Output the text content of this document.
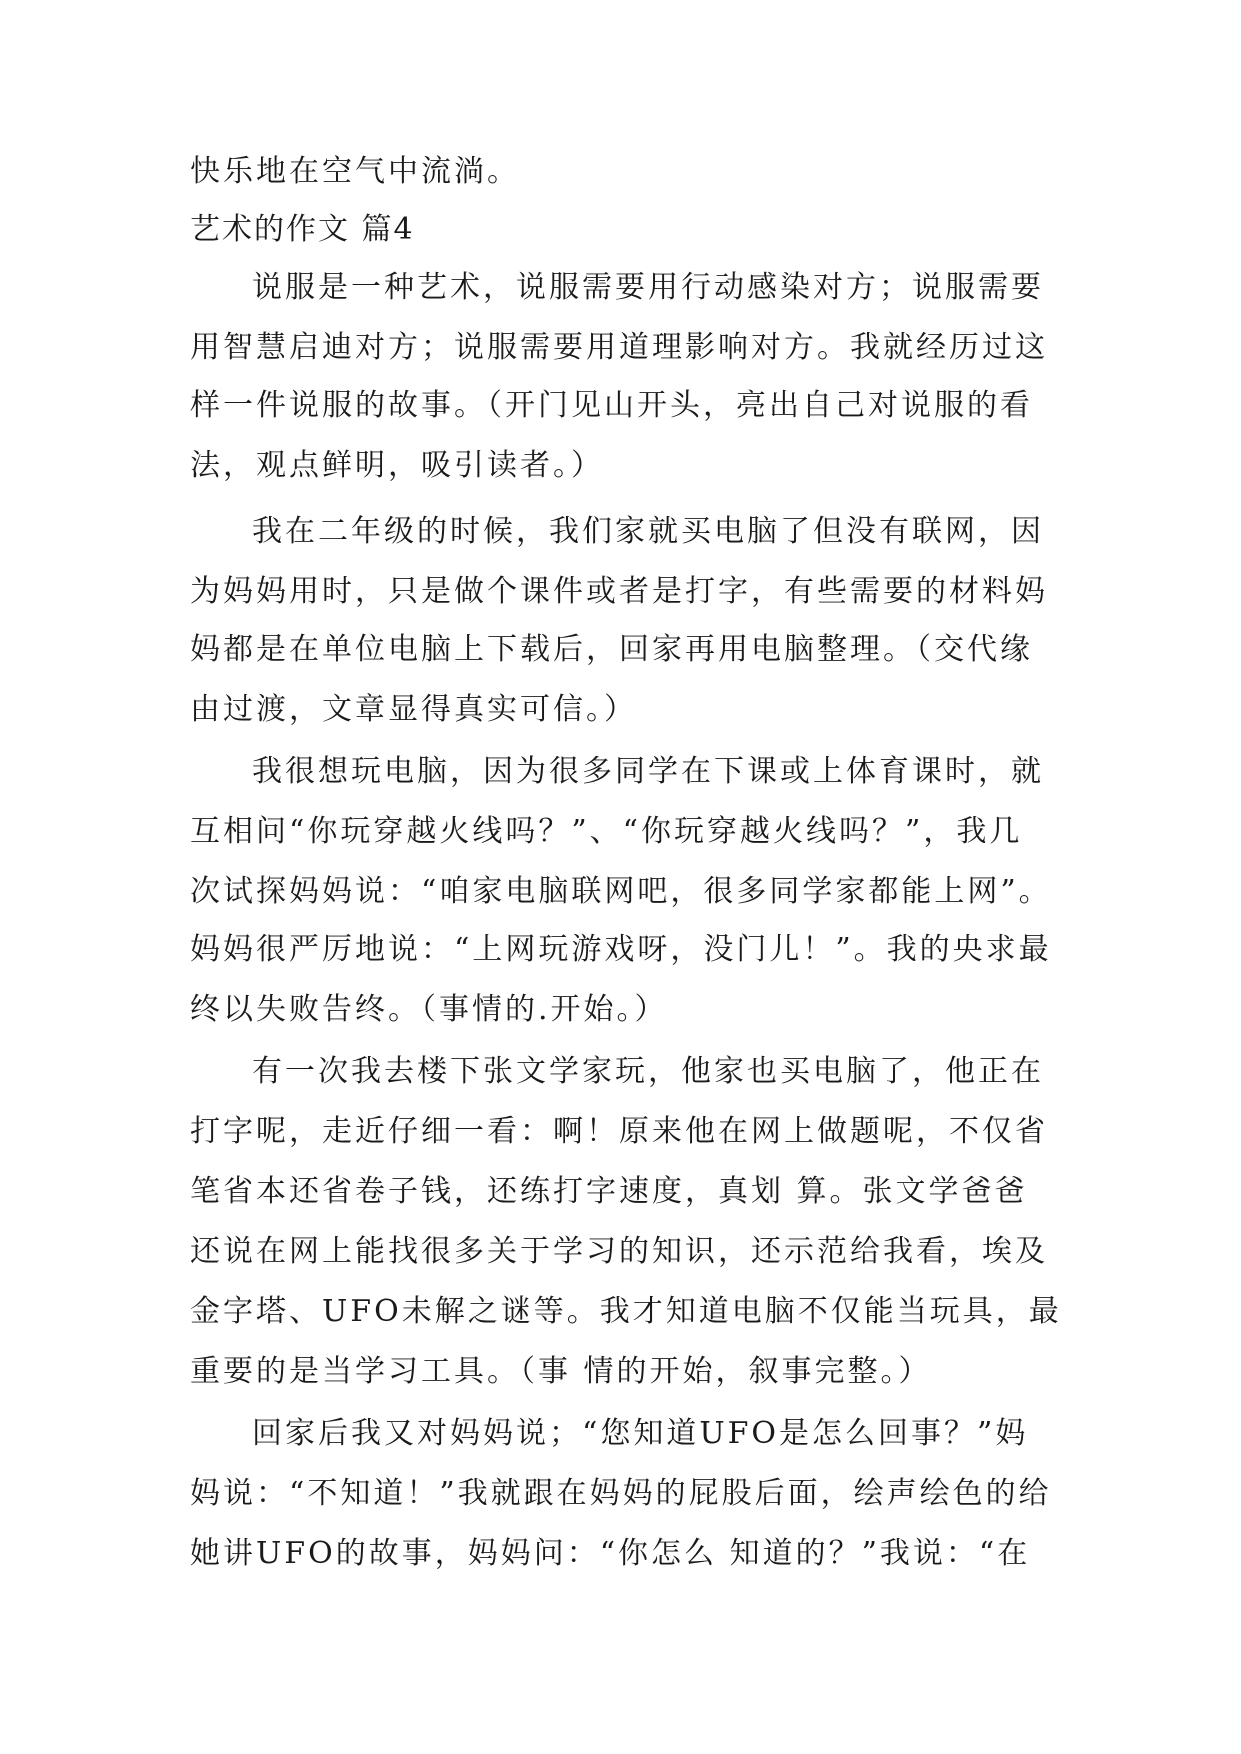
快乐地在空气中流淌。

艺术的作文 篇4

说服是一种艺术，说服需要用行动感染对方；说服需要

用智慧启迪对方；说服需要用道理影响对方。我就经历过这

样一件说服的故事。（开门见山开头，亮出自己对说服的看

法，观点鲜明，吸引读者。）

我在二年级的时候，我们家就买电脑了但没有联网，因

为妈妈用时，只是做个课件或者是打字，有些需要的材料妈

妈都是在单位电脑上下载后，回家再用电脑整理。（交代缘

由过渡，文章显得真实可信。）

我很想玩电脑，因为很多同学在下课或上体育课时，就

互相问“你玩穿越火线吗？”、“你玩穿越火线吗？”，我几

次试探妈妈说：“咱家电脑联网吧，很多同学家都能上网”。

妈妈很严厉地说：“上网玩游戏呀，没门儿！”。我的央求最

终以失败告终。（事情的.开始。）

有一次我去楼下张文学家玩，他家也买电脑了，他正在

打字呢，走近仔细一看：啊！原来他在网上做题呢，不仅省

笔省本还省卷子钱，还练打字速度，真划 算。张文学爸爸

还说在网上能找很多关于学习的知识，还示范给我看，埃及

金字塔、UFO未解之谜等。我才知道电脑不仅能当玩具，最

重要的是当学习工具。（事 情的开始，叙事完整。）

回家后我又对妈妈说；“您知道UFO是怎么回事？”妈

妈说：“不知道！”我就跟在妈妈的屁股后面，绘声绘色的给

她讲UFO的故事，妈妈问：“你怎么 知道的？”我说：“在
